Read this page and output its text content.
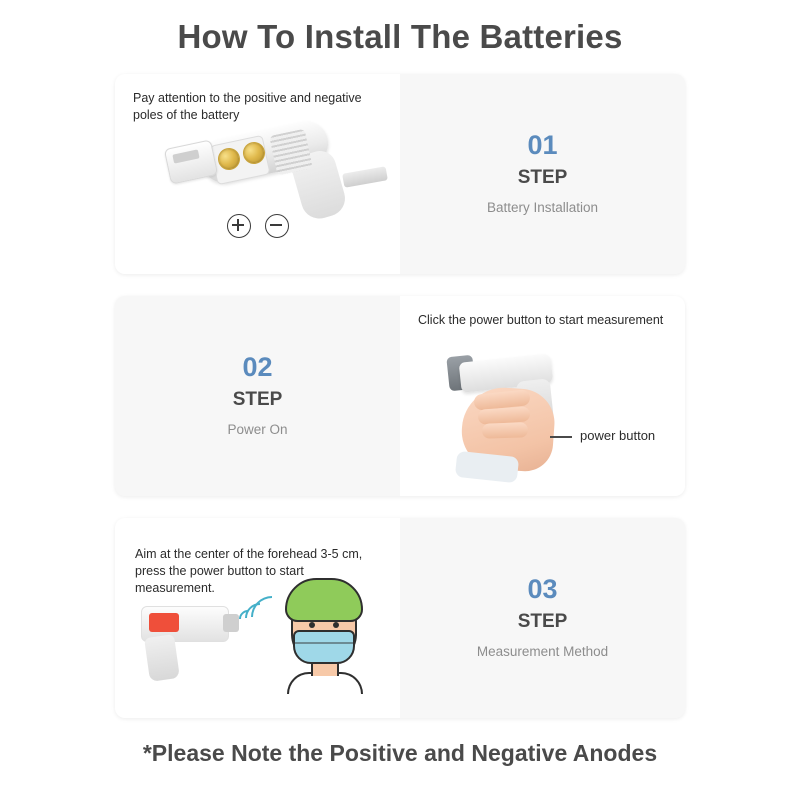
How To Install The Batteries
Pay attention to the positive and negative poles of the battery
01
STEP
Battery Installation
02
STEP
Power On
Click the power button to start measurement
power button
Aim at the center of the forehead 3-5 cm, press the power button to start measurement.	03
STEP
Measurement Method
*Please Note the Positive and Negative Anodes
